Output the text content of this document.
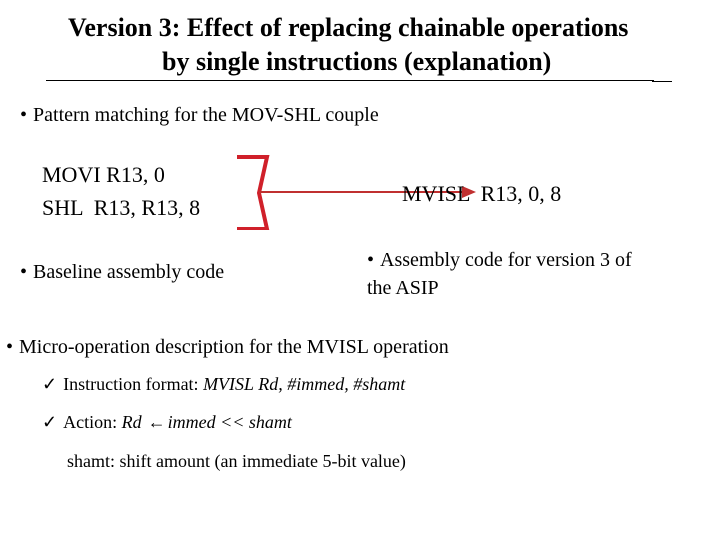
Version 3: Effect of replacing chainable operations
by single instructions (explanation)
• Pattern matching for the MOV-SHL couple
MOVI R13, 0
SHL  R13, R13, 8
MVISL  R13, 0, 8
• Baseline assembly code
• Assembly code for version 3 of
the ASIP
• Micro-operation description for the MVISL operation
✓ Instruction format: MVISL Rd, #immed, #shamt
✓ Action: Rd ← immed << shamt
shamt: shift amount (an immediate 5-bit value)
